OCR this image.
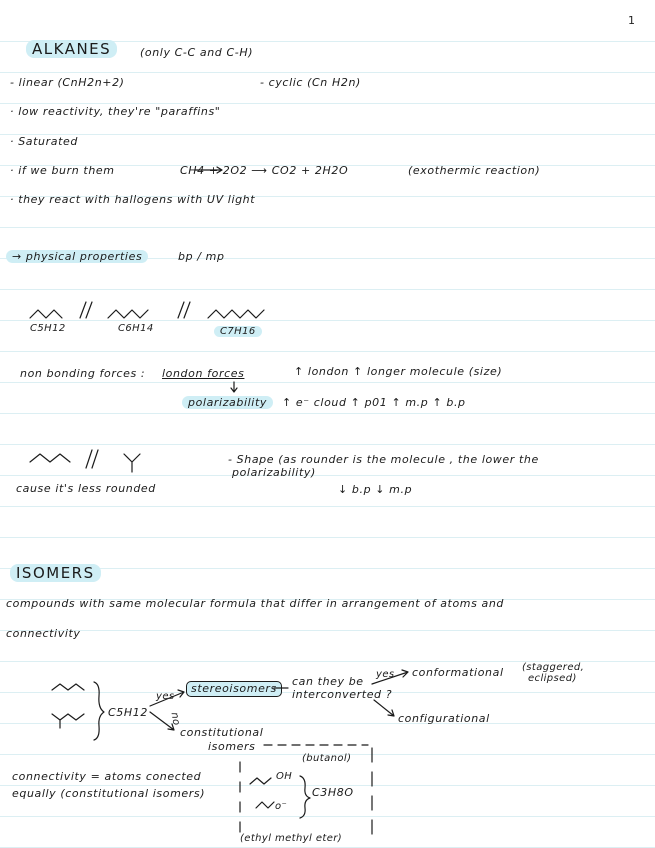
1
ALKANES	(only C-C and C-H)
- linear (CnH2n+2)	- cyclic (Cn H2n)
· low reactivity, they're "paraffins"
· Saturated
· if we burn them	CH4 + 2O2 ⟶ CO2 + 2H2O	(exothermic reaction)
· they react with hallogens with UV light
→ physical properties	bp / mp
C5H12	C6H14	C7H16
non bonding forces : london forces	↑ london ↑ longer molecule (size)
polarizability	↑ e⁻ cloud ↑ p01 ↑ m.p ↑ b.p
cause it's less rounded
- Shape (as rounder is the molecule , the lower the
polarizability)
↓ b.p ↓ m.p
ISOMERS
compounds with same molecular formula that differ in arrangement of atoms and
connectivity
C5H12
yes
no
stereoisomers
can they be
interconverted ?
yes conformational (staggered,
eclipsed)
configurational
constitutional
isomers
(butanol)
OH
C3H8O
(ethyl methyl eter)
connectivity = atoms conected
equally (constitutional isomers)
o⁻
